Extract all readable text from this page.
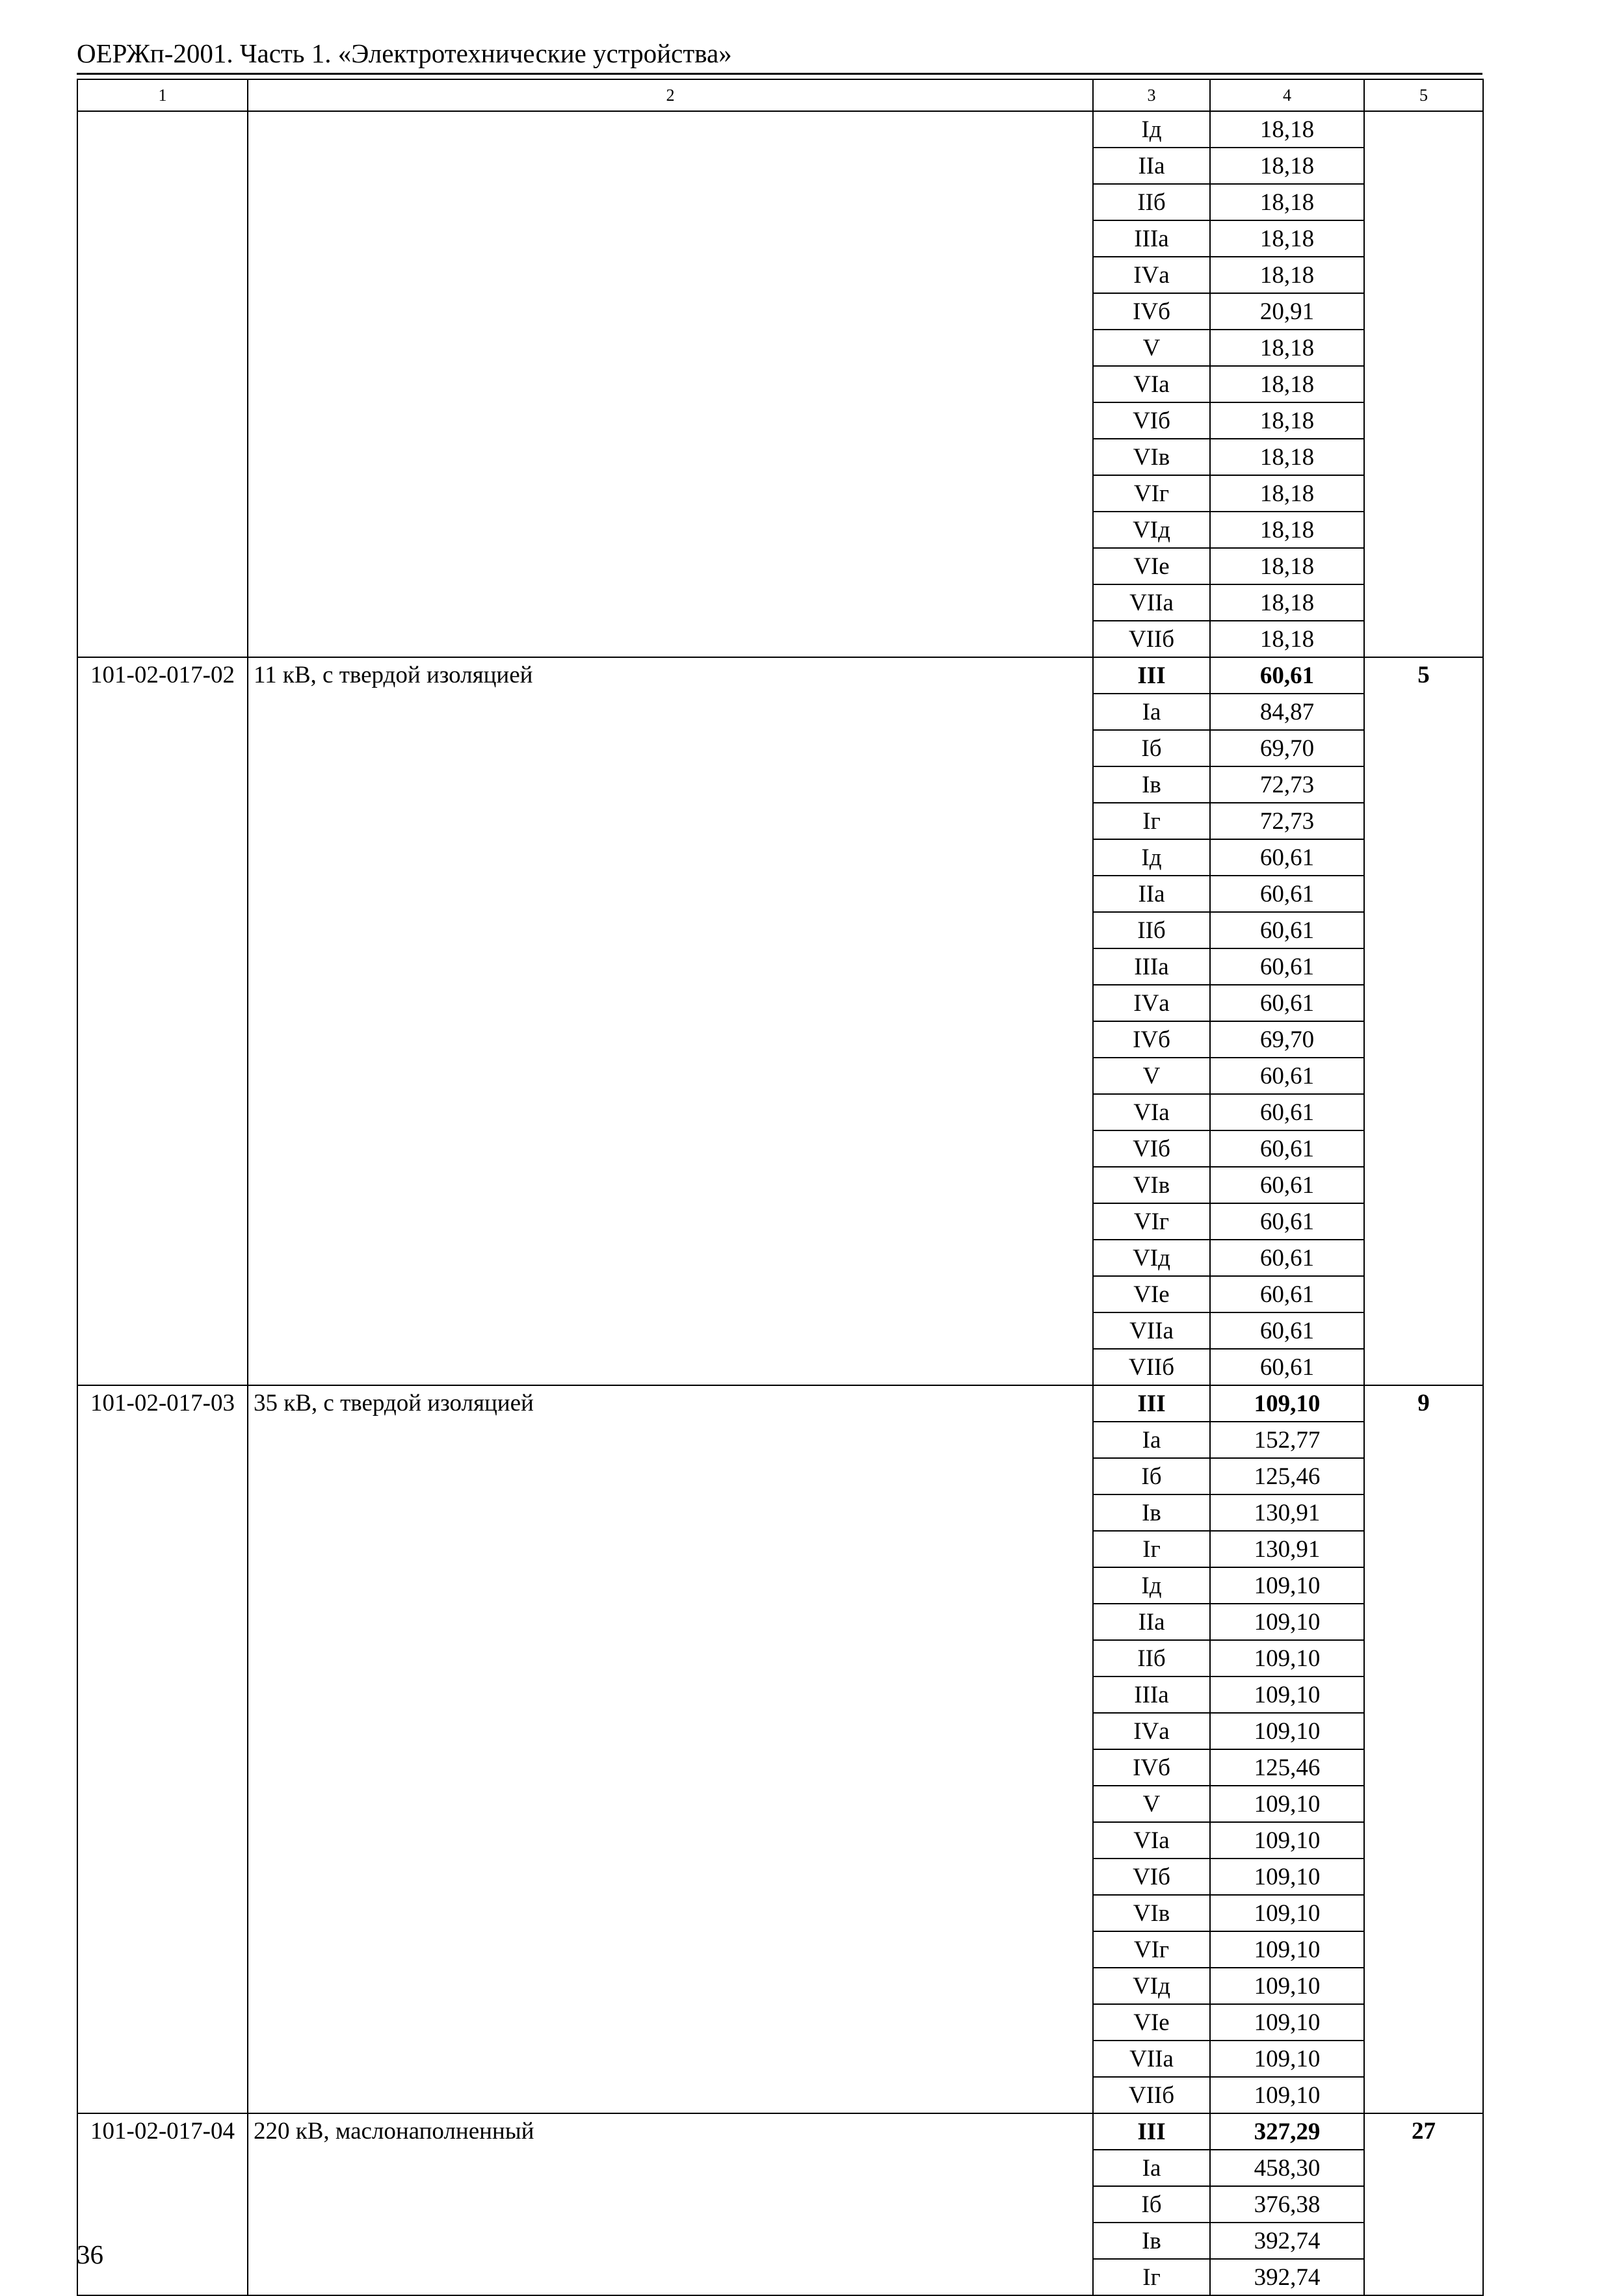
ОЕРЖп-2001. Часть 1. «Электротехнические устройства»
1	2	3	4	5
		Iд	18,18	
		IIа	18,18	
		IIб	18,18	
		IIIа	18,18	
		IVа	18,18	
		IVб	20,91	
		V	18,18	
		VIа	18,18	
		VIб	18,18	
		VIв	18,18	
		VIг	18,18	
		VIд	18,18	
		VIе	18,18	
		VIIа	18,18	
		VIIб	18,18	
101-02-017-02	11 кВ, с твердой изоляцией	III	60,61	5
		Iа	84,87	
		Iб	69,70	
		Iв	72,73	
		Iг	72,73	
		Iд	60,61	
		IIа	60,61	
		IIб	60,61	
		IIIа	60,61	
		IVа	60,61	
		IVб	69,70	
		V	60,61	
		VIа	60,61	
		VIб	60,61	
		VIв	60,61	
		VIг	60,61	
		VIд	60,61	
		VIе	60,61	
		VIIа	60,61	
		VIIб	60,61	
101-02-017-03	35 кВ, с твердой изоляцией	III	109,10	9
		Iа	152,77	
		Iб	125,46	
		Iв	130,91	
		Iг	130,91	
		Iд	109,10	
		IIа	109,10	
		IIб	109,10	
		IIIа	109,10	
		IVа	109,10	
		IVб	125,46	
		V	109,10	
		VIа	109,10	
		VIб	109,10	
		VIв	109,10	
		VIг	109,10	
		VIд	109,10	
		VIе	109,10	
		VIIа	109,10	
		VIIб	109,10	
101-02-017-04	220 кВ, маслонаполненный	III	327,29	27
		Iа	458,30	
		Iб	376,38	
		Iв	392,74	
		Iг	392,74	
36
